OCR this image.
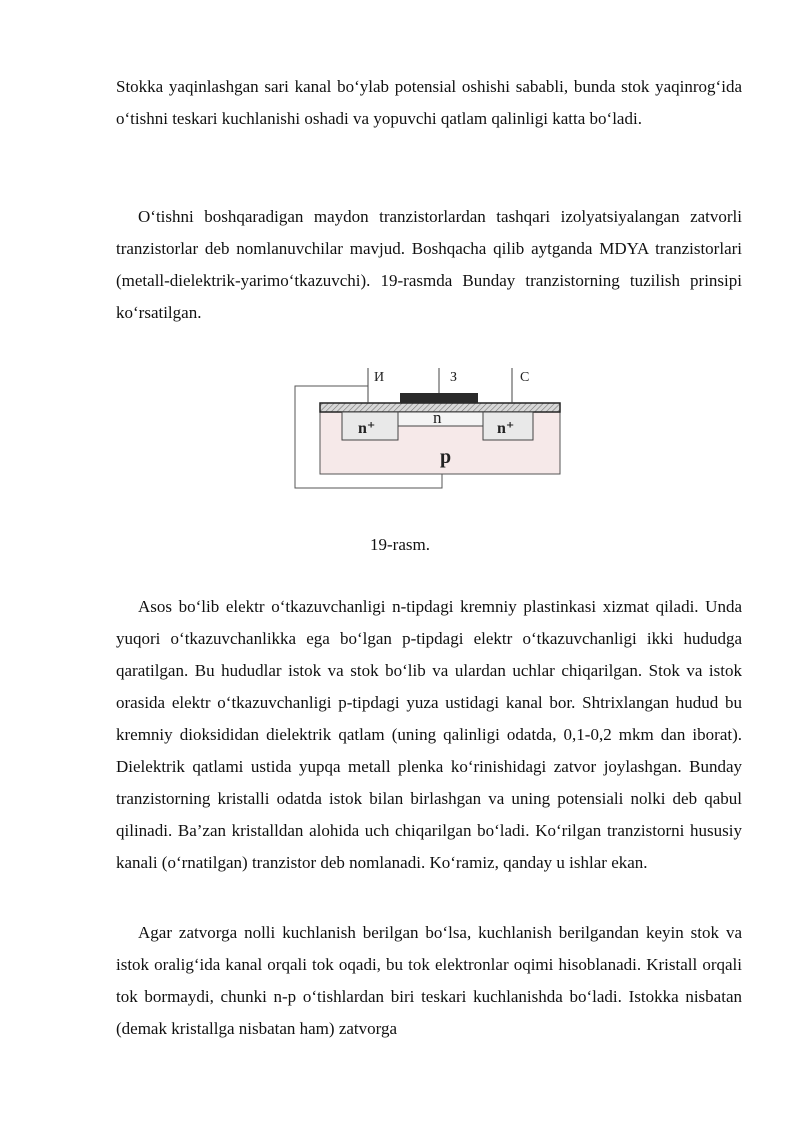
Stokka yaqinlashgan sari kanal bo‘ylab potensial oshishi sababli, bunda stok yaqinrog‘ida o‘tishni teskari kuchlanishi oshadi va yopuvchi qatlam qalinligi katta bo‘ladi.

O‘tishni boshqaradigan maydon tranzistorlardan tashqari izolyatsiyalangan zatvorli tranzistorlar deb nomlanuvchilar mavjud. Boshqacha qilib aytganda MDYA tranzistorlari (metall-dielektrik-yarimo‘tkazuvchi). 19-rasmda Bunday tranzistorning tuzilish prinsipi ko‘rsatilgan.

И	З	С
n⁺
n
n⁺
p
19-rasm.

Asos bo‘lib elektr o‘tkazuvchanligi n-tipdagi kremniy plastinkasi xizmat qiladi. Unda yuqori o‘tkazuvchanlikka ega bo‘lgan p-tipdagi elektr o‘tkazuvchanligi ikki hududga qaratilgan. Bu hududlar istok va stok bo‘lib va ulardan uchlar chiqarilgan. Stok va istok orasida elektr o‘tkazuvchanligi p-tipdagi yuza ustidagi kanal bor. Shtrixlangan hudud bu kremniy dioksididan dielektrik qatlam (uning qalinligi odatda, 0,1-0,2 mkm dan iborat). Dielektrik qatlami ustida yupqa metall plenka ko‘rinishidagi zatvor joylashgan. Bunday tranzistorning kristalli odatda istok bilan birlashgan va uning potensiali nolki deb qabul qilinadi. Ba’zan kristalldan alohida uch chiqarilgan bo‘ladi. Ko‘rilgan tranzistorni hususiy kanali (o‘rnatilgan) tranzistor deb nomlanadi. Ko‘ramiz, qanday u ishlar ekan.

Agar zatvorga nolli kuchlanish berilgan bo‘lsa, kuchlanish berilgandan keyin stok va istok oralig‘ida kanal orqali tok oqadi, bu tok elektronlar oqimi hisoblanadi. Kristall orqali tok bormaydi, chunki n-p o‘tishlardan biri teskari kuchlanishda bo‘ladi. Istokka nisbatan (demak kristallga nisbatan ham) zatvorga
